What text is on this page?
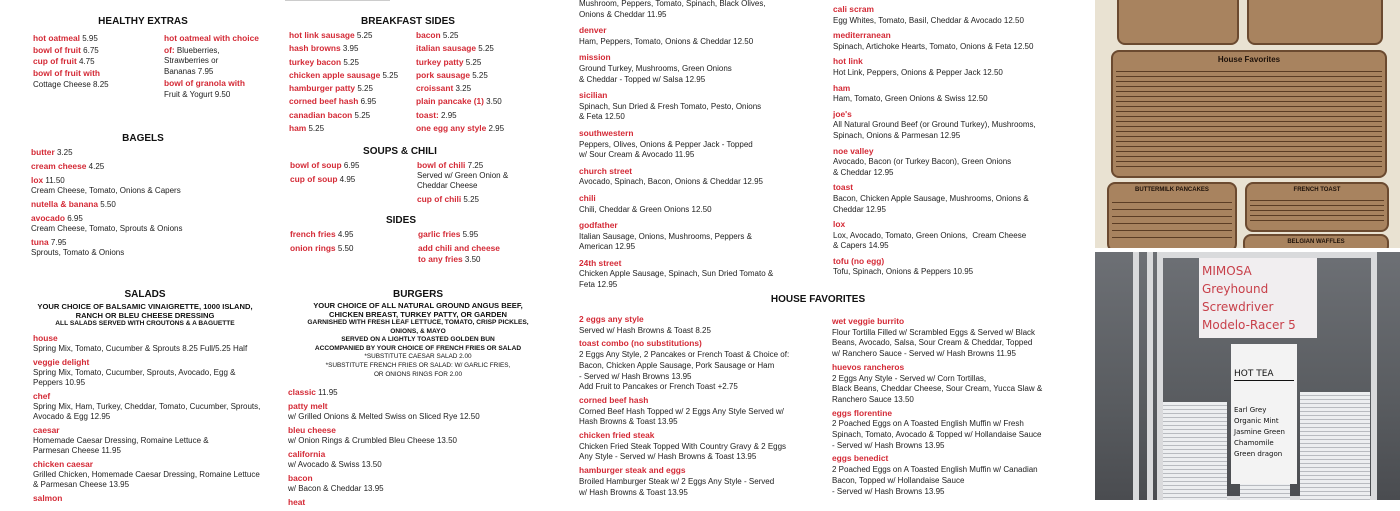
HEALTHY EXTRAS
hot oatmeal 5.95
bowl of fruit 6.75
cup of fruit 4.75
bowl of fruit with
Cottage Cheese 8.25
hot oatmeal with choice
of: Blueberries,
Strawberries or
Bananas 7.95
bowl of granola with
Fruit & Yogurt 9.50
BAGELS
butter 3.25
cream cheese 4.25
lox 11.50
Cream Cheese, Tomato, Onions & Capers
nutella & banana 5.50
avocado 6.95
Cream Cheese, Tomato, Sprouts & Onions
tuna 7.95
Sprouts, Tomato & Onions
SALADS
YOUR CHOICE OF BALSAMIC VINAIGRETTE, 1000 ISLAND,
RANCH OR BLEU CHEESE DRESSING
ALL SALADS SERVED WITH CROUTONS & A BAGUETTE
house
Spring Mix, Tomato, Cucumber & Sprouts 8.25 Full/5.25 Half
veggie delight
Spring Mix, Tomato, Cucumber, Sprouts, Avocado, Egg &
Peppers 10.95
chef
Spring Mix, Ham, Turkey, Cheddar, Tomato, Cucumber, Sprouts,
Avocado & Egg 12.95
caesar
Homemade Caesar Dressing, Romaine Lettuce &
Parmesan Cheese 11.95
chicken caesar
Grilled Chicken, Homemade Caesar Dressing, Romaine Lettuce
& Parmesan Cheese 13.95
salmon
BREAKFAST SIDES
hot link sausage 5.25	bacon 5.25
hash browns 3.95	italian sausage 5.25
turkey bacon 5.25	turkey patty 5.25
chicken apple sausage 5.25	pork sausage 5.25
hamburger patty 5.25	croissant 3.25
corned beef hash 6.95	plain pancake (1) 3.50
canadian bacon 5.25	toast: 2.95
ham 5.25	one egg any style 2.95
SOUPS & CHILI
bowl of soup 6.95
cup of soup 4.95
bowl of chili 7.25
Served w/ Green Onion &
Cheddar Cheese
cup of chili 5.25
SIDES
french fries 4.95
onion rings 5.50
garlic fries 5.95
add chili and cheese
to any fries 3.50
BURGERS
YOUR CHOICE OF ALL NATURAL GROUND ANGUS BEEF,
CHICKEN BREAST, TURKEY PATTY, OR GARDEN
GARNISHED WITH FRESH LEAF LETTUCE, TOMATO, CRISP PICKLES,
ONIONS, & MAYO
SERVED ON A LIGHTLY TOASTED GOLDEN BUN
ACCOMPANIED BY YOUR CHOICE OF FRENCH FRIES OR SALAD
*SUBSTITUTE CAESAR SALAD 2.00
*SUBSTITUTE FRENCH FRIES OR SALAD: W/ GARLIC FRIES,
OR ONIONS RINGS FOR 2.00
classic 11.95
patty melt
w/ Grilled Onions & Melted Swiss on Sliced Rye 12.50
bleu cheese
w/ Onion Rings & Crumbled Bleu Cheese 13.50
california
w/ Avocado & Swiss 13.50
bacon
w/ Bacon & Cheddar 13.95
heat
Mushroom, Peppers, Tomato, Spinach, Black Olives,
Onions & Cheddar 11.95
denver
Ham, Peppers, Tomato, Onions & Cheddar 12.50
mission
Ground Turkey, Mushrooms, Green Onions
& Cheddar - Topped w/ Salsa 12.95
sicilian
Spinach, Sun Dried & Fresh Tomato, Pesto, Onions
& Feta 12.50
southwestern
Peppers, Olives, Onions & Pepper Jack - Topped
w/ Sour Cream & Avocado 11.95
church street
Avocado, Spinach, Bacon, Onions & Cheddar 12.95
chili
Chili, Cheddar & Green Onions 12.50
godfather
Italian Sausage, Onions, Mushrooms, Peppers &
American 12.95
24th street
Chicken Apple Sausage, Spinach, Sun Dried Tomato &
Feta 12.95
cali scram
Egg Whites, Tomato, Basil, Cheddar & Avocado 12.50
mediterranean
Spinach, Artichoke Hearts, Tomato, Onions & Feta 12.50
hot link
Hot Link, Peppers, Onions & Pepper Jack 12.50
ham
Ham, Tomato, Green Onions & Swiss 12.50
joe's
All Natural Ground Beef (or Ground Turkey), Mushrooms,
Spinach, Onions & Parmesan 12.95
noe valley
Avocado, Bacon (or Turkey Bacon), Green Onions
& Cheddar 12.95
toast
Bacon, Chicken Apple Sausage, Mushrooms, Onions &
Cheddar 12.95
lox
Lox, Avocado, Tomato, Green Onions,  Cream Cheese
& Capers 14.95
tofu (no egg)
Tofu, Spinach, Onions & Peppers 10.95
HOUSE FAVORITES
2 eggs any style
Served w/ Hash Browns & Toast 8.25
toast combo (no substitutions)
2 Eggs Any Style, 2 Pancakes or French Toast & Choice of:
Bacon, Chicken Apple Sausage, Pork Sausage or Ham
- Served w/ Hash Browns 13.95
Add Fruit to Pancakes or French Toast +2.75
corned beef hash
Corned Beef Hash Topped w/ 2 Eggs Any Style Served w/
Hash Browns & Toast 13.95
chicken fried steak
Chicken Fried Steak Topped With Country Gravy & 2 Eggs
Any Style - Served w/ Hash Browns & Toast 13.95
hamburger steak and eggs
Broiled Hamburger Steak w/ 2 Eggs Any Style - Served
w/ Hash Browns & Toast 13.95
wet veggie burrito
Flour Tortilla Filled w/ Scrambled Eggs & Served w/ Black
Beans, Avocado, Salsa, Sour Cream & Cheddar, Topped
w/ Ranchero Sauce - Served w/ Hash Browns 11.95
huevos rancheros
2 Eggs Any Style - Served w/ Corn Tortillas,
Black Beans, Cheddar Cheese, Sour Cream, Yucca Slaw &
Ranchero Sauce 13.50
eggs florentine
2 Poached Eggs on A Toasted English Muffin w/ Fresh
Spinach, Tomato, Avocado & Topped w/ Hollandaise Sauce
- Served w/ Hash Browns 13.95
eggs benedict
2 Poached Eggs on A Toasted English Muffin w/ Canadian
Bacon, Topped w/ Hollandaise Sauce
- Served w/ Hash Browns 13.95
House Favorites
BUTTERMILK PANCAKES	FRENCH TOAST
BELGIAN WAFFLES
MIMOSA
Greyhound
Screwdriver
Modelo-Racer 5

HOT TEA

Earl Grey
Organic Mint
Jasmine Green
Chamomile
Green dragon
